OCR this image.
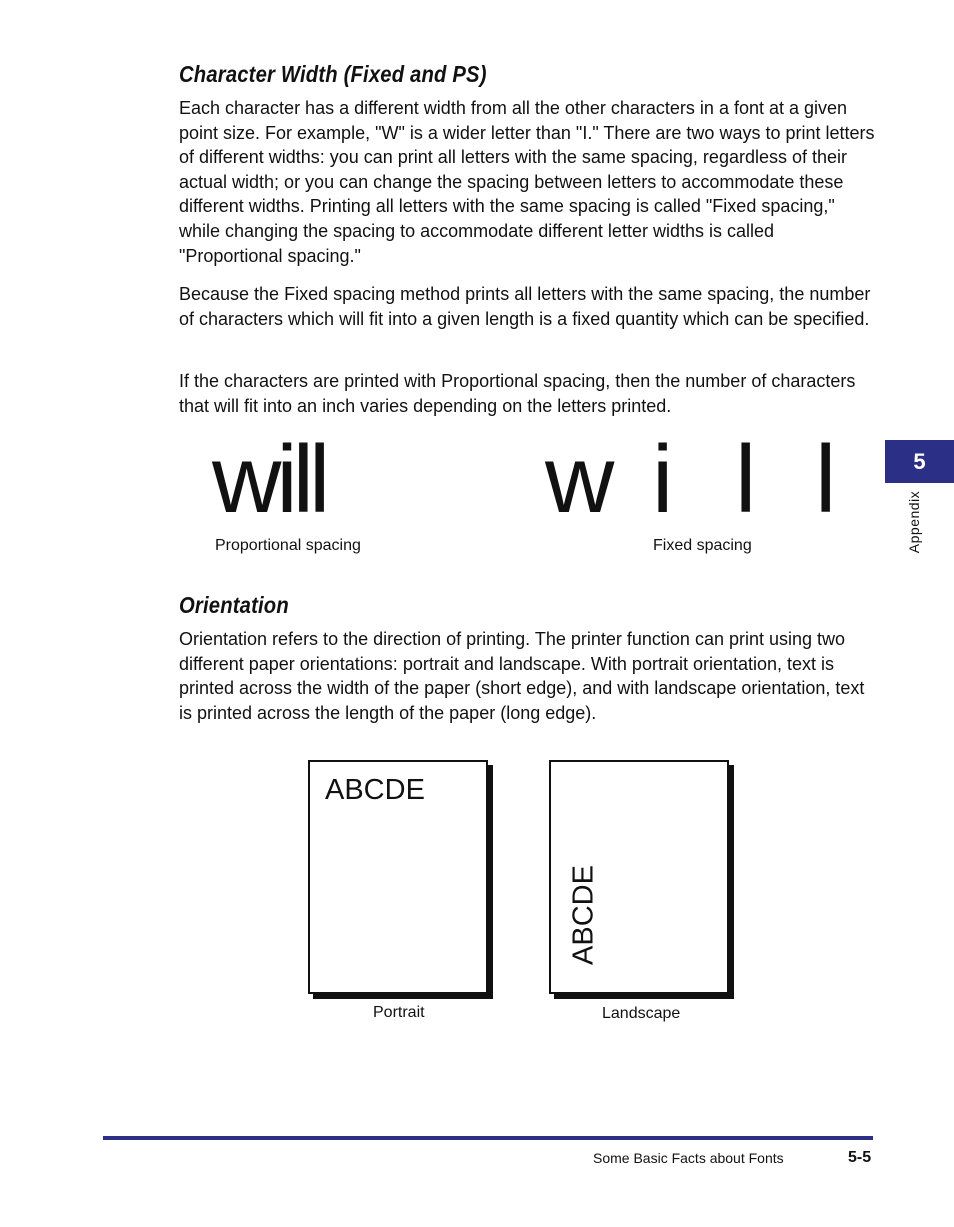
Character Width (Fixed and PS)

Each character has a different width from all the other characters in a font at a given point size. For example, "W" is a wider letter than "I." There are two ways to print letters of different widths: you can print all letters with the same spacing, regardless of their actual width; or you can change the spacing between letters to accommodate these different widths. Printing all letters with the same spacing is called "Fixed spacing," while changing the spacing to accommodate different letter widths is called "Proportional spacing."

Because the Fixed spacing method prints all letters with the same spacing, the number of characters which will fit into a given length is a fixed quantity which can be specified.

If the characters are printed with Proportional spacing, then the number of characters that will fit into an inch varies depending on the letters printed.

will
Proportional spacing
w i l l
Fixed spacing
Orientation

Orientation refers to the direction of printing. The printer function can print using two different paper orientations: portrait and landscape. With portrait orientation, text is printed across the width of the paper (short edge), and with landscape orientation, text is printed across the length of the paper (long edge).

ABCDE
Portrait
ABCDE
Landscape
5
Appendix
Some Basic Facts about Fonts	5-5
